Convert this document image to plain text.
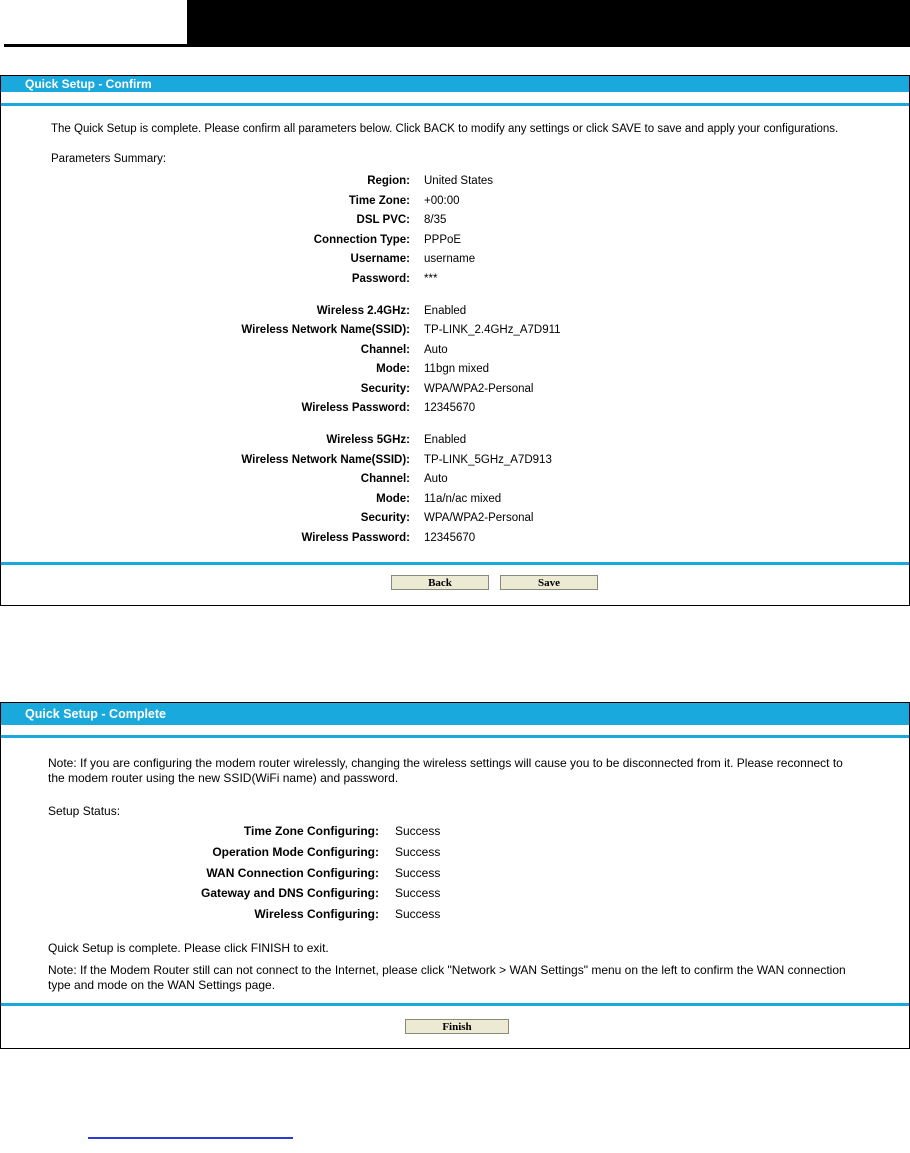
Quick Setup - Confirm
The Quick Setup is complete. Please confirm all parameters below. Click BACK to modify any settings or click SAVE to save and apply your configurations.
Parameters Summary:
Region: United States
Time Zone: +00:00
DSL PVC: 8/35
Connection Type: PPPoE
Username: username
Password: ***
Wireless 2.4GHz: Enabled
Wireless Network Name(SSID): TP-LINK_2.4GHz_A7D911
Channel: Auto
Mode: 11bgn mixed
Security: WPA/WPA2-Personal
Wireless Password: 12345670
Wireless 5GHz: Enabled
Wireless Network Name(SSID): TP-LINK_5GHz_A7D913
Channel: Auto
Mode: 11a/n/ac mixed
Security: WPA/WPA2-Personal
Wireless Password: 12345670
Back	Save
Quick Setup - Complete
Note: If you are configuring the modem router wirelessly, changing the wireless settings will cause you to be disconnected from it. Please reconnect to
the modem router using the new SSID(WiFi name) and password.
Setup Status:
Time Zone Configuring: Success
Operation Mode Configuring: Success
WAN Connection Configuring: Success
Gateway and DNS Configuring: Success
Wireless Configuring: Success
Quick Setup is complete. Please click FINISH to exit.
Note: If the Modem Router still can not connect to the Internet, please click "Network > WAN Settings" menu on the left to confirm the WAN connection
type and mode on the WAN Settings page.
Finish
